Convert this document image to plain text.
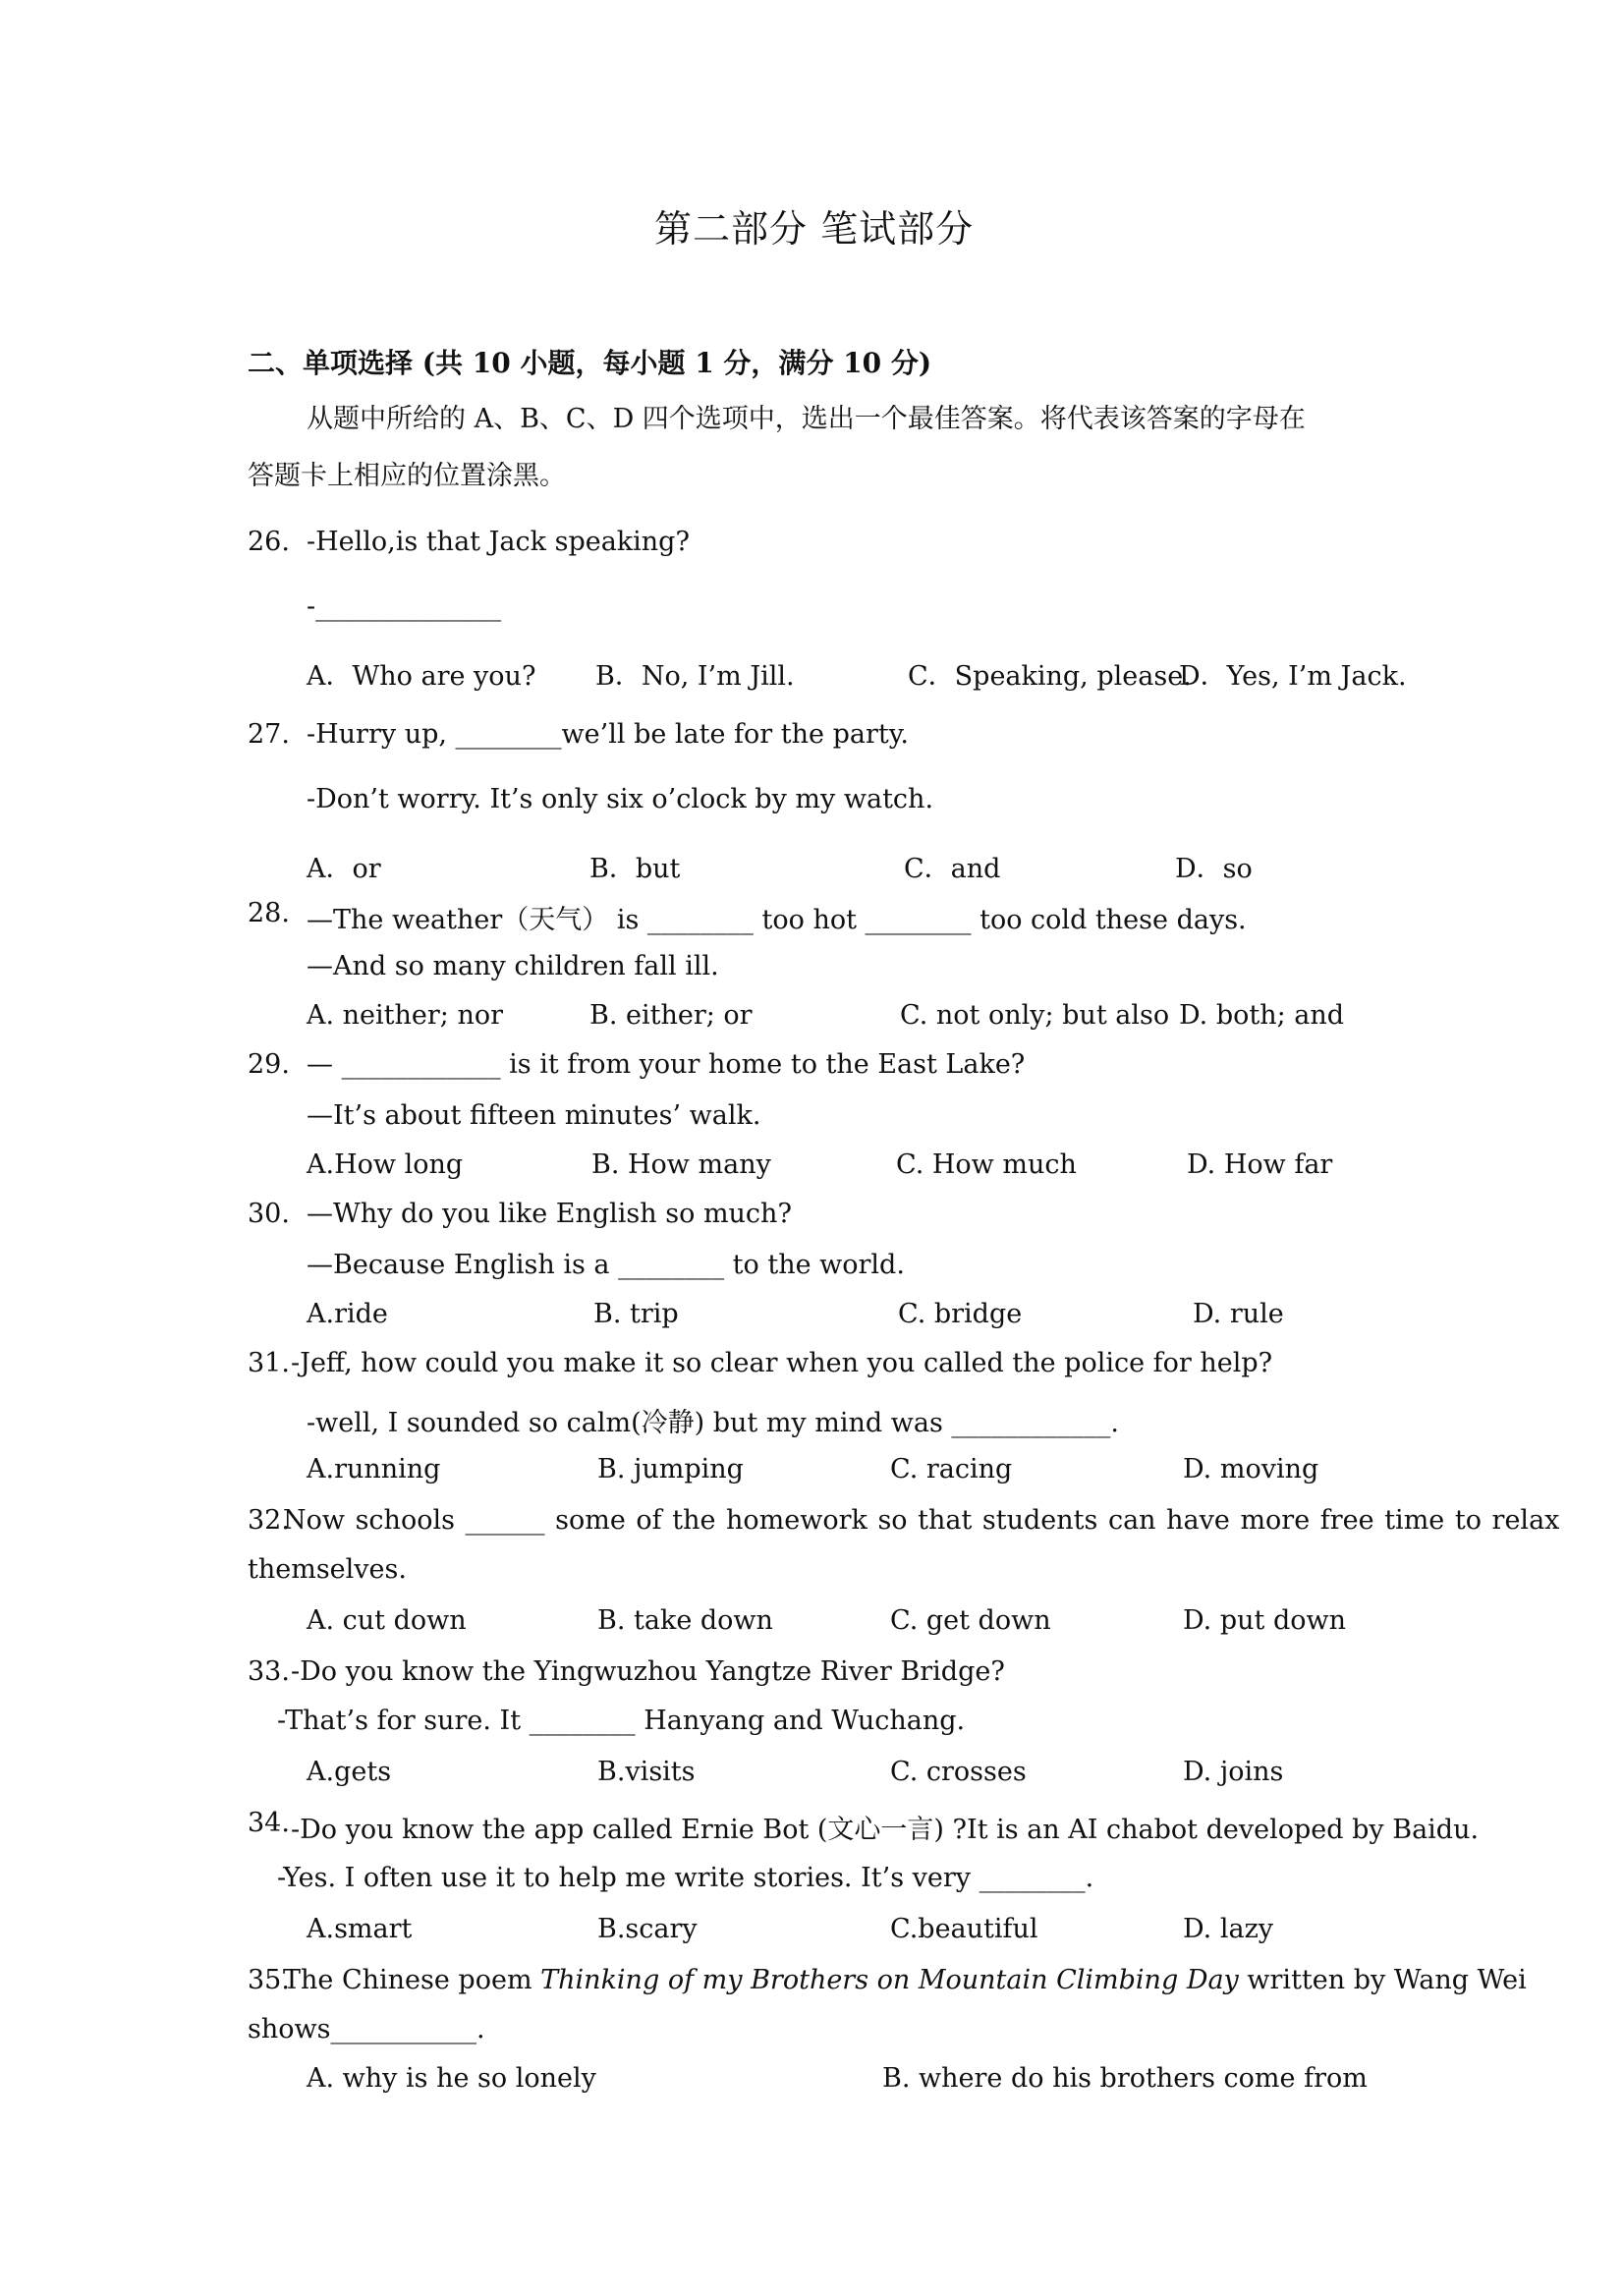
第二部分 笔试部分
二、单项选择 (共 10 小题，每小题 1 分，满分 10 分)
从题中所给的 A、B、C、D 四个选项中，选出一个最佳答案。将代表该答案的字母在
答题卡上相应的位置涂黑。
26. -Hello,is that Jack speaking?
-______________
A．Who are you? B．No, I’m Jill.	C．Speaking, please.
D．Yes, I’m Jack.
27. -Hurry up, ________we’ll be late for the party.
-Don’t worry. It’s only six o’clock by my watch.
A．or	B．but	C．and	D．so
28. —The weather（天气） is ________ too hot ________ too cold these days.
—And so many children fall ill.
A. neither; nor	B. either; or	C. not only; but also D. both; and
29. — ____________ is it from your home to the East Lake?
—It’s about fifteen minutes’ walk.
A.How long	B. How many	C. How much	D. How far
30. —Why do you like English so much?
—Because English is a ________ to the world.
A.ride	B. trip	C. bridge	D. rule
31. -Jeff, how could you make it so clear when you called the police for help?
-well, I sounded so calm(冷静) but my mind was ____________.
A.running	B. jumping	C. racing	D. moving
32.
Now schools ______ some of the homework so that students can have more free time to relax
themselves.
A. cut down	B. take down	C. get down	D. put down
33. -Do you know the Yingwuzhou Yangtze River Bridge?
-That’s for sure. It ________ Hanyang and Wuchang.
A.gets	B.visits	C. crosses	D. joins
34. -Do you know the app called Ernie Bot (文心一言) ?It is an AI chabot developed by Baidu.
-Yes. I often use it to help me write stories. It’s very ________.
A.smart	B.scary	C.beautiful	D. lazy
35.
The Chinese poem Thinking of my Brothers on Mountain Climbing Day written by Wang Wei
shows___________.
A. why is he so lonely	B. where do his brothers come from
